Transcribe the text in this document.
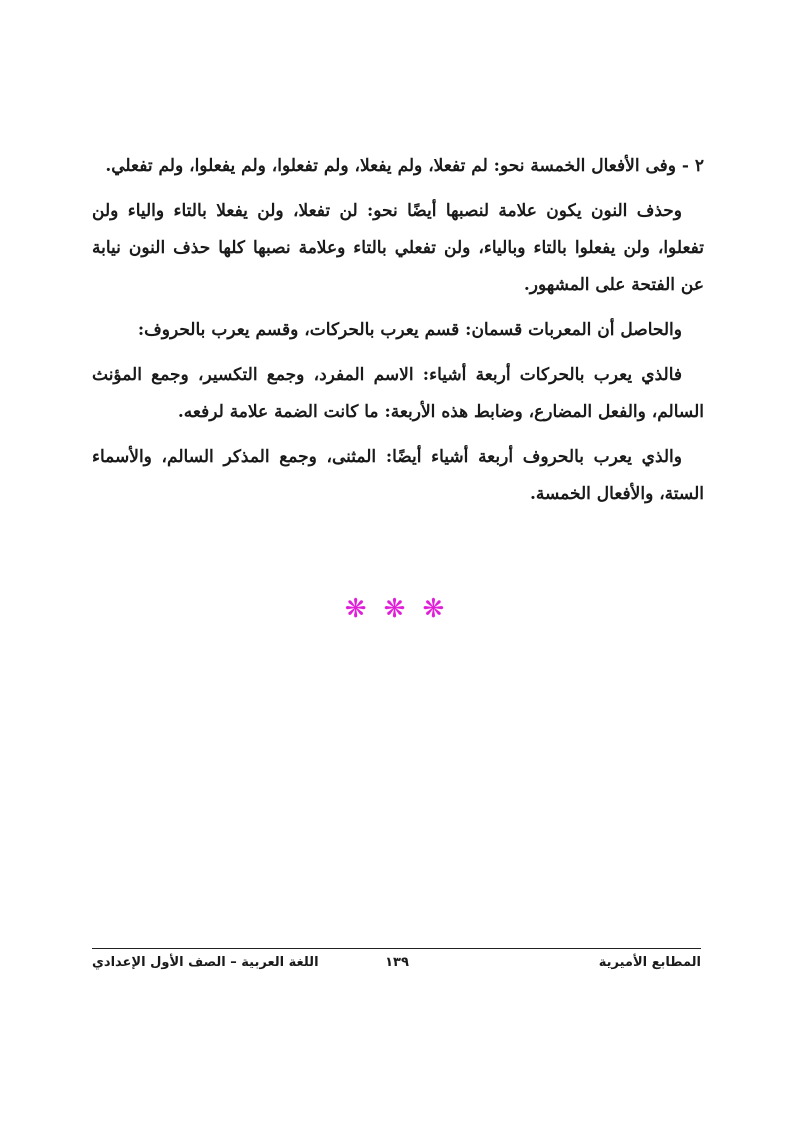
٢ - وفى الأفعال الخمسة نحو: لم تفعلا، ولم يفعلا، ولم تفعلوا، ولم يفعلوا، ولم تفعلي.

وحذف النون يكون علامة لنصبها أيضًا نحو: لن تفعلا، ولن يفعلا بالتاء والياء ولن تفعلوا، ولن يفعلوا بالتاء وبالياء، ولن تفعلي بالتاء وعلامة نصبها كلها حذف النون نيابة عن الفتحة على المشهور.

والحاصل أن المعربات قسمان: قسم يعرب بالحركات، وقسم يعرب بالحروف:

فالذي يعرب بالحركات أربعة أشياء: الاسم المفرد، وجمع التكسير، وجمع المؤنث السالم، والفعل المضارع، وضابط هذه الأربعة: ما كانت الضمة علامة لرفعه.

والذي يعرب بالحروف أربعة أشياء أيضًا: المثنى، وجمع المذكر السالم، والأسماء الستة، والأفعال الخمسة.

❋ ❋ ❋
المطابع الأميرية
١٣٩
اللغة العربية – الصف الأول الإعدادي
